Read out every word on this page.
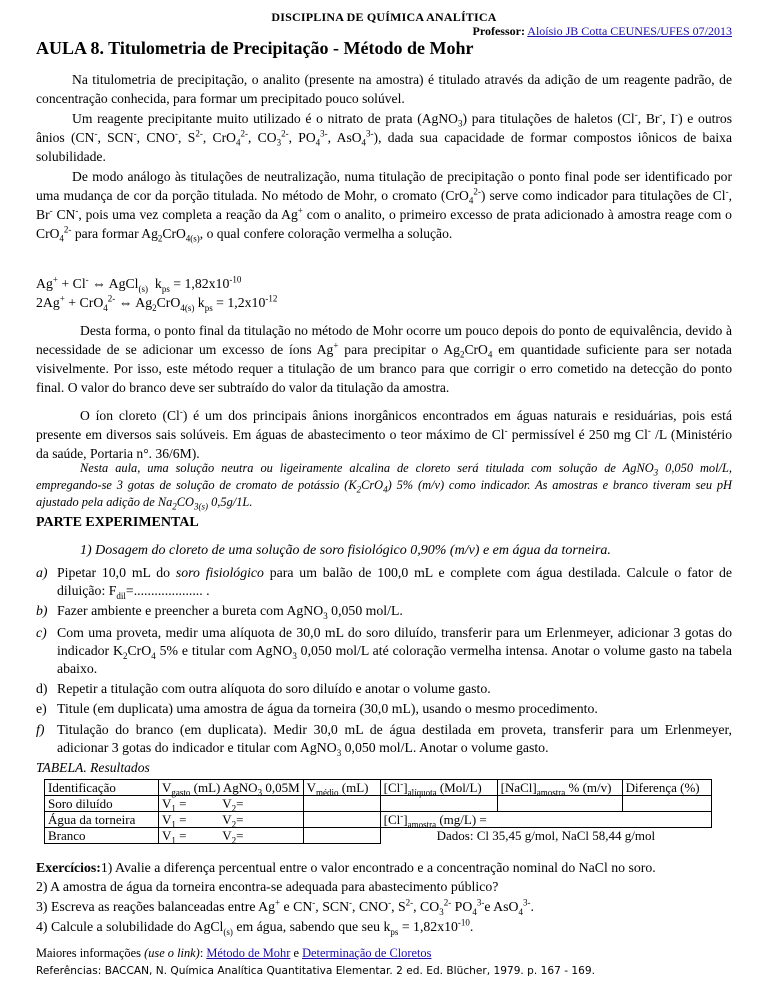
DISCIPLINA DE QUÍMICA ANALÍTICA
Professor: Aloísio JB Cotta CEUNES/UFES 07/2013
AULA 8. Titulometria de Precipitação - Método de Mohr
Na titulometria de precipitação, o analito (presente na amostra) é titulado através da adição de um reagente padrão, de concentração conhecida, para formar um precipitado pouco solúvel.
Um reagente precipitante muito utilizado é o nitrato de prata (AgNO$_3$) para titulações de haletos (Cl-, Br-, I-) e outros ânios (CN-, SCN-, CNO-, $S^{2-}$, CrO$_4^{2-}$, $CO_3^{2-}$, $PO_4^{3-}$, AsO$_4^{3-}$), dada sua capacidade de formar compostos iônicos de baixa solubilidade.
De modo análogo às titulações de neutralização, numa titulação de precipitação o ponto final pode ser identificado por uma mudança de cor da porção titulada. No método de Mohr, o cromato (CrO$_4^{2-}$) serve como indicador para titulações de Cl-, Br- CN-, pois uma vez completa a reação da Ag+ com o analito, o primeiro excesso de prata adicionado à amostra reage com o CrO$_4^{2-}$ para formar $Ag_2CrO_{4(s)}$, o qual confere coloração vermelha a solução.
Ag+ + Cl- ⇔ AgCl$_{(s)}$  $k_{ps} = 1,82x10^{-10}$
2Ag+ + CrO$_4^{2-}$ ⇔ $Ag_2CrO_{4(s)}$ $k_{ps} = 1,2x10^{-12}$
Desta forma, o ponto final da titulação no método de Mohr ocorre um pouco depois do ponto de equivalência, devido à necessidade de se adicionar um excesso de íons Ag+ para precipitar o $Ag_2CrO_4$ em quantidade suficiente para ser notada visivelmente. Por isso, este método requer a titulação de um branco para que corrigir o erro cometido na detecção do ponto final. O valor do branco deve ser subtraído do valor da titulação da amostra.
O íon cloreto (Cl-) é um dos principais ânions inorgânicos encontrados em águas naturais e residuárias, pois está presente em diversos sais solúveis. Em águas de abastecimento o teor máximo de Cl- permissível é 250 mg Cl- /L (Ministério da saúde, Portaria n°. 36/6M).
Nesta aula, uma solução neutra ou ligeiramente alcalina de cloreto será titulada com solução de AgNO$_3$ 0,050 mol/L, empregando-se 3 gotas de solução de cromato de potássio $(K_2CrO_4)$ 5% (m/v) como indicador. As amostras e branco tiveram seu pH ajustado pela adição de $Na_2CO_{3(s)}$ 0,5g/1L.
PARTE EXPERIMENTAL
1) Dosagem do cloreto de uma solução de soro fisiológico 0,90% (m/v) e em água da torneira.
a) Pipetar 10,0 mL do soro fisiológico para um balão de 100,0 mL e complete com água destilada. Calcule o fator de diluição: $F_{dil}=$.................... .
b) Fazer ambiente e preencher a bureta com AgNO$_3$ 0,050 mol/L.
c) Com uma proveta, medir uma alíquota de 30,0 mL do soro diluído, transferir para um Erlenmeyer, adicionar 3 gotas do indicador $K_2CrO_4$ 5% e titular com AgNO$_3$ 0,050 mol/L até coloração vermelha intensa. Anotar o volume gasto na tabela abaixo.
d) Repetir a titulação com outra alíquota do soro diluído e anotar o volume gasto.
e) Titule (em duplicata) uma amostra de água da torneira (30,0 mL), usando o mesmo procedimento.
f) Titulação do branco (em duplicata). Medir 30,0 mL de água destilada em proveta, transferir para um Erlenmeyer, adicionar 3 gotas do indicador e titular com AgNO$_3$ 0,050 mol/L. Anotar o volume gasto.
TABELA. Resultados
Identificação	$V_{gasto}$ (mL) AgNO$_3$ 0,05M	$V_{médio}$ (mL)	$[Cl^-]_{alíquota}$ (Mol/L)	$[NaCl]_{amostra}$ % (m/v)	Diferença (%)
Soro diluído	$V_1$ =           $V_2=$				
Água da torneira	$V_1$ =           $V_2=$		$[Cl^-]_{amostra}$ (mg/L) =		
Branco	$V_1$ =           $V_2=$		Dados: Cl 35,45 g/mol, NaCl 58,44 g/mol		
Exercícios:1) Avalie a diferença percentual entre o valor encontrado e a concentração nominal do NaCl no soro.
2) A amostra de água da torneira encontra-se adequada para abastecimento público?
3) Escreva as reações balanceadas entre Ag+ e CN-, SCN-, CNO-, $S^{2-}$, $CO_3^{2-}$ $PO_4^{3-}e$ AsO$_4^{3-}$.
4) Calcule a solubilidade do AgCl$_{(s)}$ em água, sabendo que seu $k_{ps} = 1,82x10^{-10}$.
Maiores informações (use o link): Método de Mohr e Determinação de Cloretos
Referências: BACCAN, N. Química Analítica Quantitativa Elementar. 2 ed. Ed. Blücher, 1979. p. 167 - 169.
